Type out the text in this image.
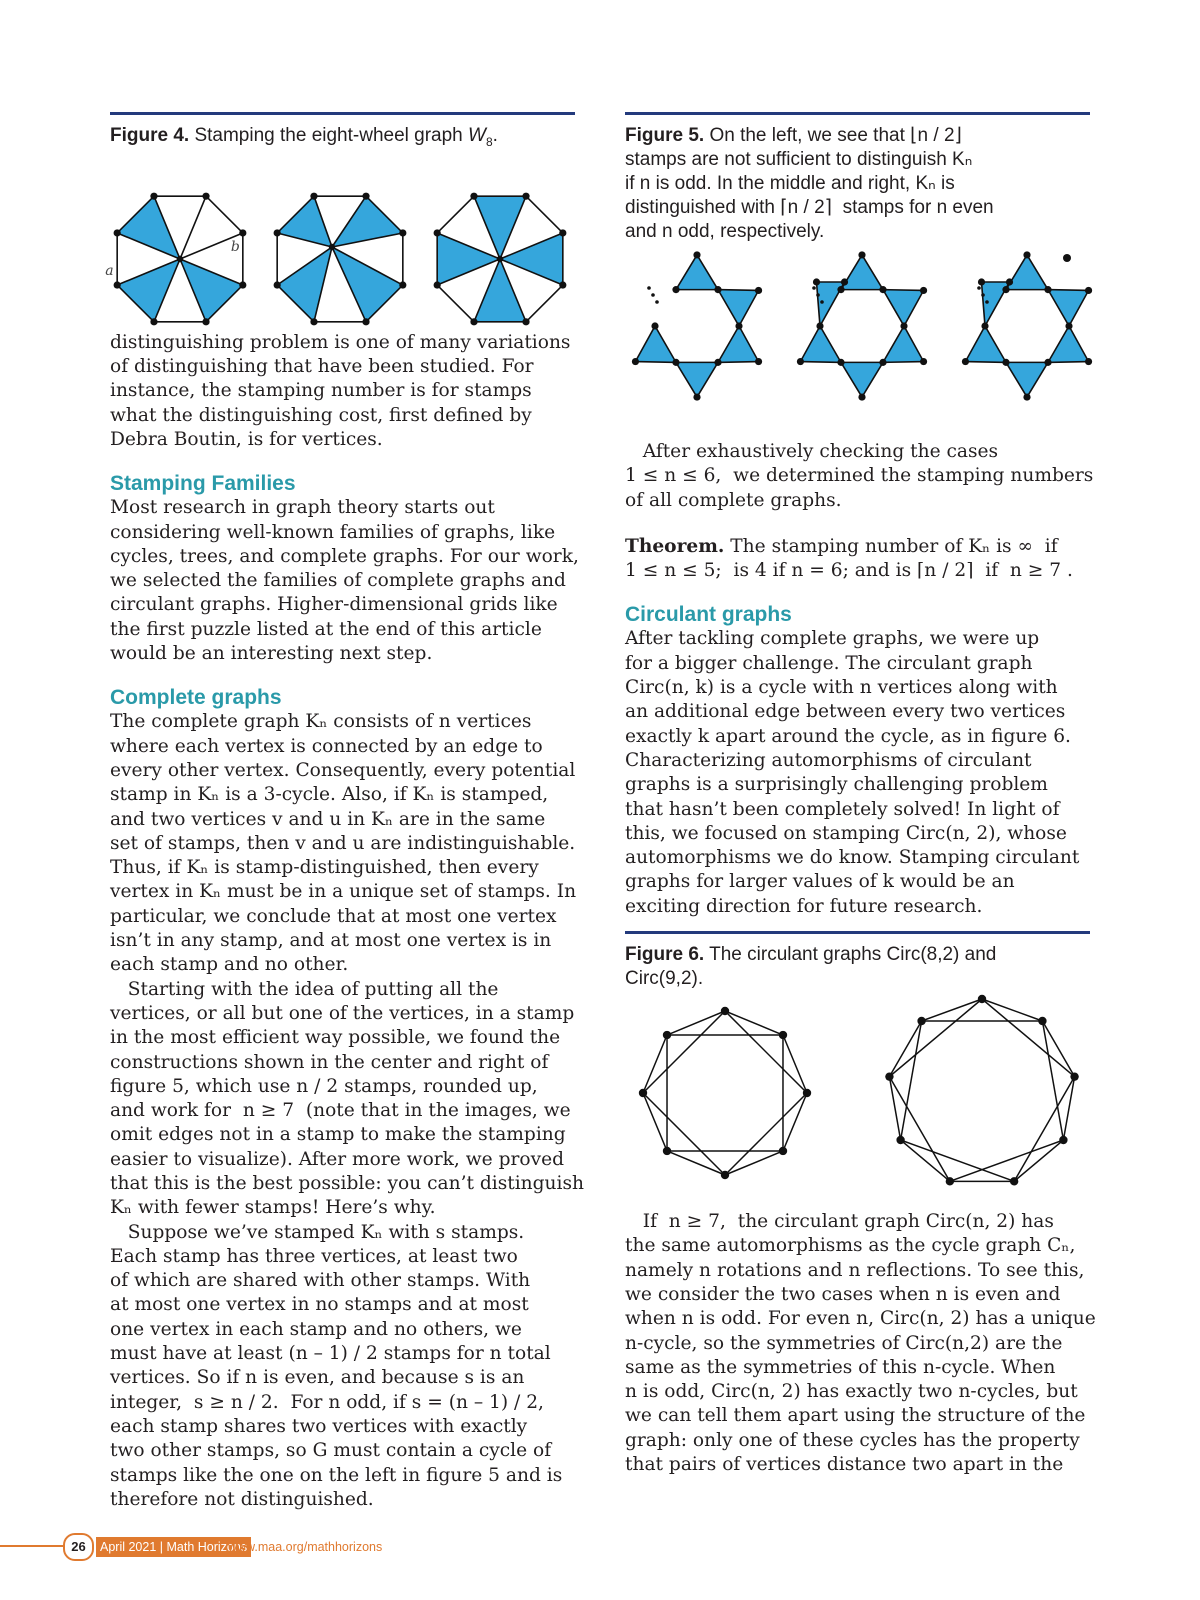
Figure 4. Stamping the eight-wheel graph $W_8$.
a
b
distinguishing problem is one of many variations
of distinguishing that have been studied. For
instance, the stamping number is for stamps
what the distinguishing cost, first defined by
Debra Boutin, is for vertices.
Stamping Families
Most research in graph theory starts out
considering well-known families of graphs, like
cycles, trees, and complete graphs. For our work,
we selected the families of complete graphs and
circulant graphs. Higher-dimensional grids like
the first puzzle listed at the end of this article
would be an interesting next step.
Complete graphs
The complete graph Kₙ consists of n vertices
where each vertex is connected by an edge to
every other vertex. Consequently, every potential
stamp in Kₙ is a 3-cycle. Also, if Kₙ is stamped,
and two vertices v and u in Kₙ are in the same
set of stamps, then v and u are indistinguishable.
Thus, if Kₙ is stamp-distinguished, then every
vertex in Kₙ must be in a unique set of stamps. In
particular, we conclude that at most one vertex
isn’t in any stamp, and at most one vertex is in
each stamp and no other.
Starting with the idea of putting all the
vertices, or all but one of the vertices, in a stamp
in the most efficient way possible, we found the
constructions shown in the center and right of
figure 5, which use n / 2 stamps, rounded up,
and work for  n ≥ 7  (note that in the images, we
omit edges not in a stamp to make the stamping
easier to visualize). After more work, we proved
that this is the best possible: you can’t distinguish
Kₙ with fewer stamps! Here’s why.
Suppose we’ve stamped Kₙ with s stamps.
Each stamp has three vertices, at least two
of which are shared with other stamps. With
at most one vertex in no stamps and at most
one vertex in each stamp and no others, we
must have at least (n – 1) / 2 stamps for n total
vertices. So if n is even, and because s is an
integer,  s ≥ n / 2.  For n odd, if s = (n – 1) / 2,
each stamp shares two vertices with exactly
two other stamps, so G must contain a cycle of
stamps like the one on the left in figure 5 and is
therefore not distinguished.
Figure 5. On the left, we see that ⌊n / 2⌋
stamps are not sufficient to distinguish Kₙ
if n is odd. In the middle and right, Kₙ is
distinguished with ⌈n / 2⌉  stamps for n even
and n odd, respectively.
After exhaustively checking the cases
1 ≤ n ≤ 6,  we determined the stamping numbers
of all complete graphs.
Theorem. The stamping number of Kₙ is ∞  if
1 ≤ n ≤ 5;  is 4 if n = 6; and is ⌈n / 2⌉  if  n ≥ 7 .
Circulant graphs
After tackling complete graphs, we were up
for a bigger challenge. The circulant graph
Circ(n, k) is a cycle with n vertices along with
an additional edge between every two vertices
exactly k apart around the cycle, as in figure 6.
Characterizing automorphisms of circulant
graphs is a surprisingly challenging problem
that hasn’t been completely solved! In light of
this, we focused on stamping Circ(n, 2), whose
automorphisms we do know. Stamping circulant
graphs for larger values of k would be an
exciting direction for future research.
Figure 6. The circulant graphs Circ(8,2) and
Circ(9,2).
If  n ≥ 7,  the circulant graph Circ(n, 2) has
the same automorphisms as the cycle graph Cₙ,
namely n rotations and n reflections. To see this,
we consider the two cases when n is even and
when n is odd. For even n, Circ(n, 2) has a unique
n-cycle, so the symmetries of Circ(n,2) are the
same as the symmetries of this n-cycle. When
n is odd, Circ(n, 2) has exactly two n-cycles, but
we can tell them apart using the structure of the
graph: only one of these cycles has the property
that pairs of vertices distance two apart in the
26	April 2021 | Math Horizons
www.maa.org/mathhorizons
